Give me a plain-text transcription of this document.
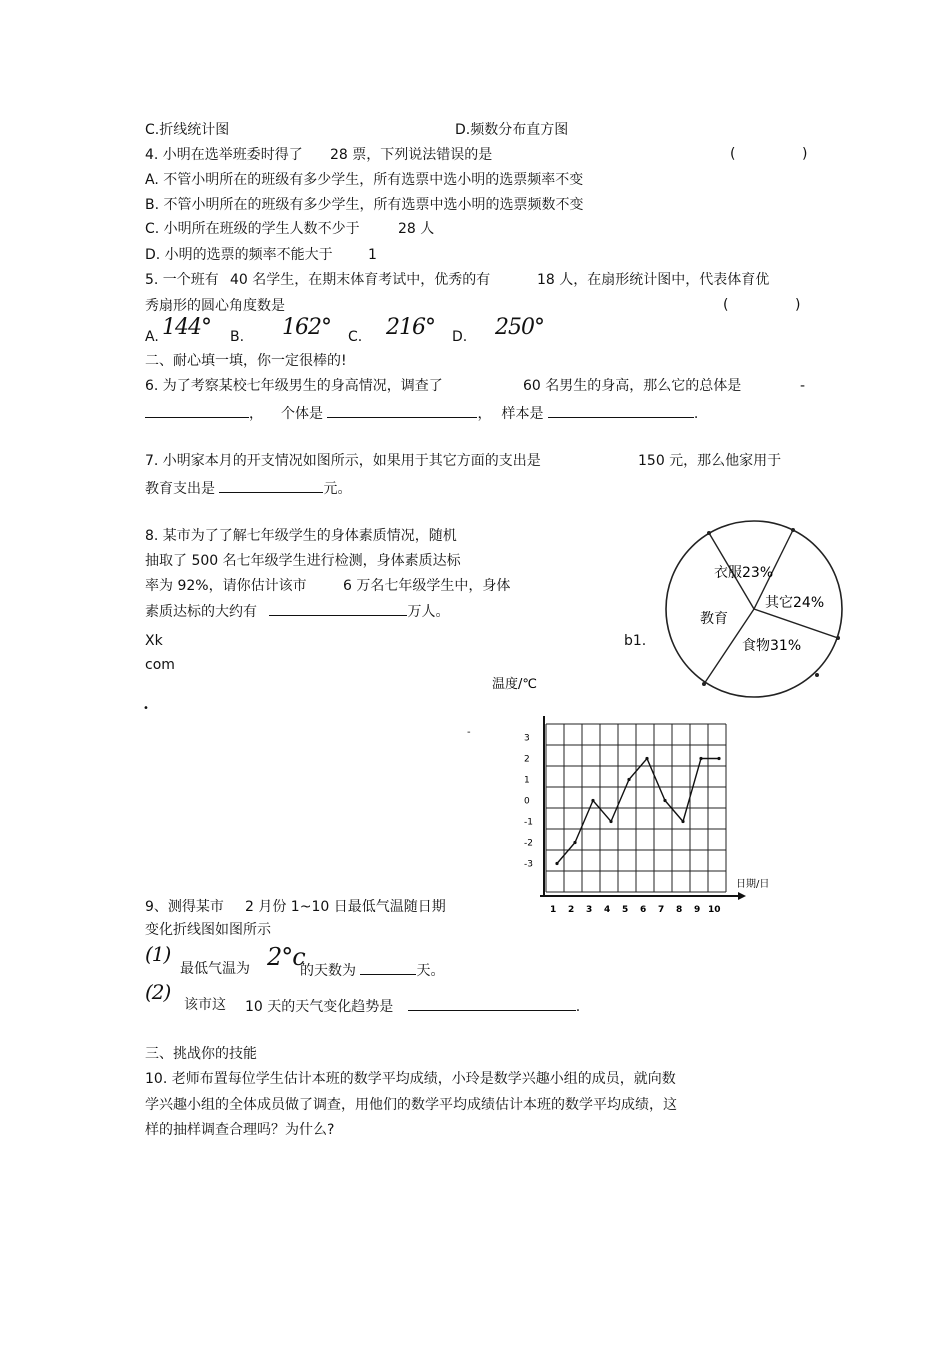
C.折线统计图	D.频数分布直方图
4. 小明在选举班委时得了 28 票，下列说法错误的是	(	)
A. 不管小明所在的班级有多少学生，所有选票中选小明的选票频率不变
B. 不管小明所在的班级有多少学生，所有选票中选小明的选票频数不变
C. 小明所在班级的学生人数不少于	28 人
D. 小明的选票的频率不能大于	1
5. 一个班有 40 名学生，在期末体育考试中，优秀的有	18 人，在扇形统计图中，代表体育优
秀扇形的圆心角度数是	(	)
A. 144° B. 162° C. 216° D. 250°
二、耐心填一填，你一定很棒的!
6. 为了考察某校七年级男生的身高情况，调查了	60 名男生的身高，那么它的总体是	-
， 个体是	， 样本是	.
7. 小明家本月的开支情况如图所示，如果用于其它方面的支出是	150 元，那么他家用于
教育支出是	元。
8. 某市为了了解七年级学生的身体素质情况，随机
抽取了 500 名七年级学生进行检测，身体素质达标
率为 92%，请你估计该市	6 万名七年级学生中，身体
素质达标的大约有	万人。
Xk
com
b1.
•
-
衣服23%
其它24%
教育
食物31%
温度/℃
日期/日
3
2
1
0
-1
-2
-3
1 2 3 4 5 6 7 8 9 10
9、测得某市 2 月份 1~10 日最低气温随日期
变化折线图如图所示
(1)
最低气温为 2°c
的天数为	天。
(2)
该市这 10 天的天气变化趋势是	.
三、挑战你的技能
10. 老师布置每位学生估计本班的数学平均成绩，小玲是数学兴趣小组的成员，就向数
学兴趣小组的全体成员做了调查，用他们的数学平均成绩估计本班的数学平均成绩，这
样的抽样调查合理吗？为什么?
